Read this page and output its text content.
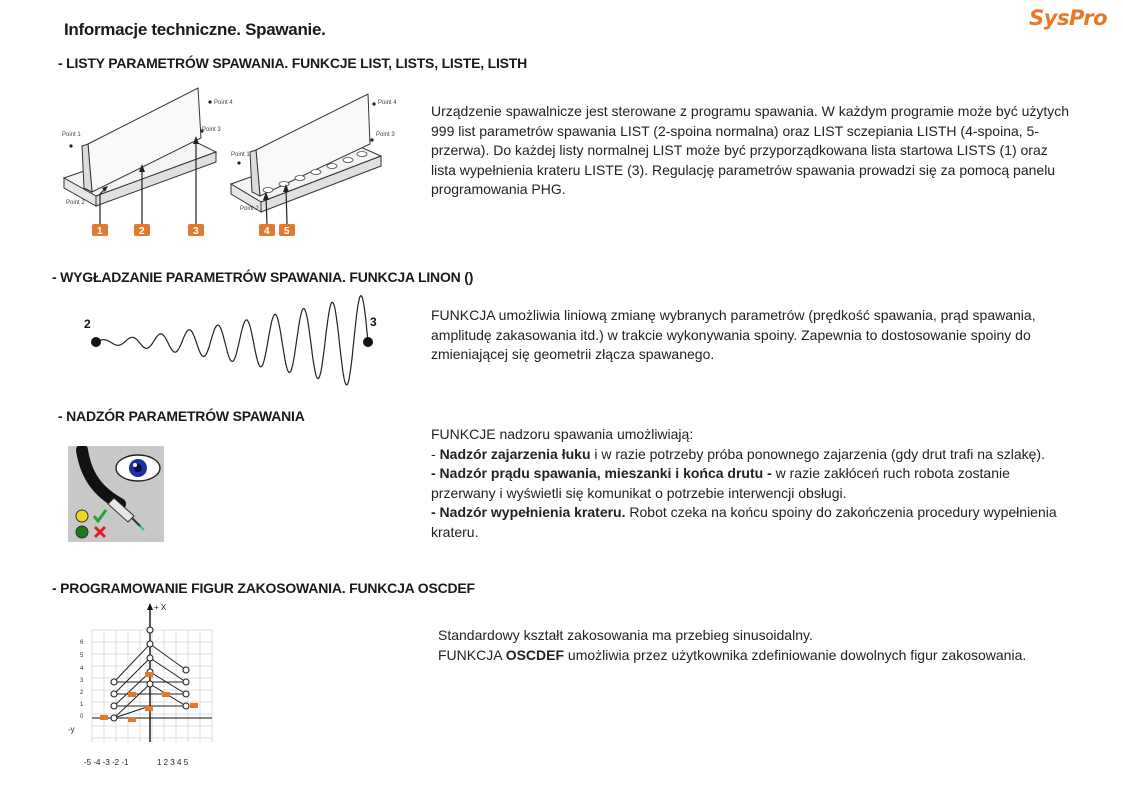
Informacje techniczne. Spawanie.	SysPro
- LISTY PARAMETRÓW SPAWANIA. FUNKCJE LIST, LISTS, LISTE, LISTH
Point 1
Point 2
Point 3
Point 4
Point 1
Point 2
Point 3
Point 4
1	2	3	4 5
Urządzenie spawalnicze jest sterowane z programu spawania. W każdym programie może być użytych 999 list parametrów spawania LIST (2-spoina normalna) oraz LIST sczepiania LISTH (4-spoina, 5-przerwa). Do każdej listy normalnej LIST może być przyporządkowana lista startowa LISTS (1) oraz lista wypełnienia krateru LISTE (3). Regulację parametrów spawania prowadzi się za pomocą panelu programowania PHG.
- WYGŁADZANIE PARAMETRÓW SPAWANIA. FUNKCJA LINON ()
2	3	FUNKCJA umożliwia liniową zmianę wybranych parametrów (prędkość spawania, prąd spawania, amplitudę zakasowania itd.) w trakcie wykonywania spoiny. Zapewnia to dostosowanie spoiny do zmieniającej się geometrii złącza spawanego.
- NADZÓR PARAMETRÓW SPAWANIA

FUNKCJE nadzoru spawania umożliwiają:

- Nadzór zajarzenia łuku i w razie potrzeby próba ponownego zajarzenia (gdy drut trafi na szlakę).

- Nadzór prądu spawania, mieszanki i końca drutu - w razie zakłóceń ruch robota zostanie przerwany i wyświetli się komunikat o potrzebie interwencji obsługi.

- Nadzór wypełnienia krateru. Robot czeka na końcu spoiny do zakończenia procedury wypełnienia krateru.

- PROGRAMOWANIE FIGUR ZAKOSOWANIA. FUNKCJA OSCDEF
+ X
-y
6
5
4
3
2
1
0
-5 -4 -3 -2 -1	1 2 3 4 5

Standardowy kształt zakosowania ma przebieg sinusoidalny.

FUNKCJA OSCDEF umożliwia przez użytkownika zdefiniowanie dowolnych figur zakosowania.
